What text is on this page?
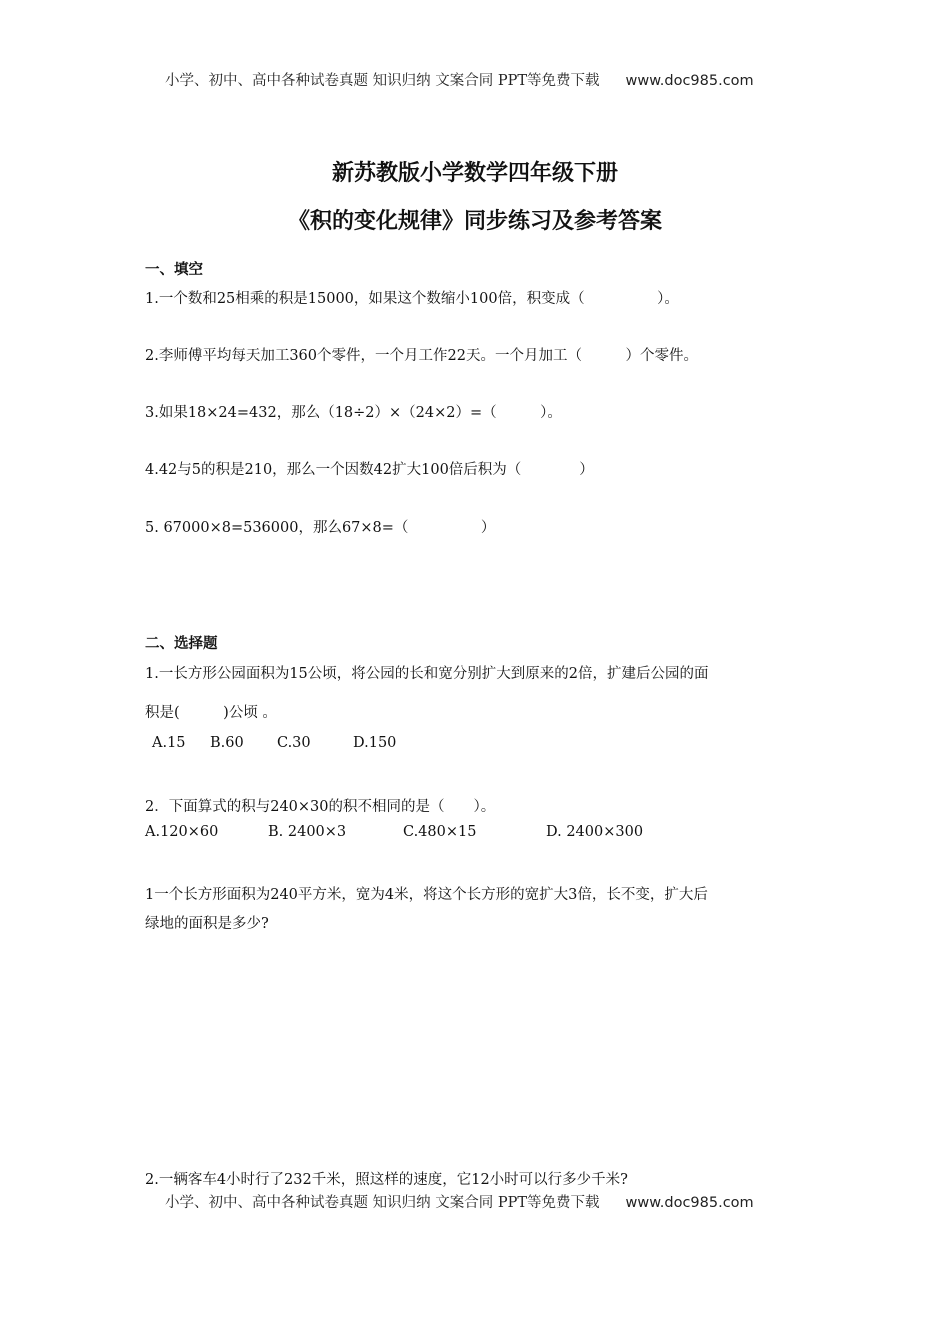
小学、初中、高中各种试卷真题 知识归纳 文案合同 PPT等免费下载 www.doc985.com
新苏教版小学数学四年级下册
《积的变化规律》同步练习及参考答案
一、填空
1.一个数和25相乘的积是15000，如果这个数缩小100倍，积变成（　　　　　）。
2.李师傅平均每天加工360个零件，一个月工作22天。一个月加工（　　　）个零件。
3.如果18×24=432，那么（18÷2）×（24×2）=（　　　）。
4.42与5的积是210，那么一个因数42扩大100倍后积为（　　　　）
5. 67000×8=536000，那么67×8=（　　　　　）
二、选择题
1.一长方形公园面积为15公顷，将公园的长和宽分别扩大到原来的2倍，扩建后公园的面
积是(　　　)公顷 。
A.15 B.60 C.30	D.150
2．下面算式的积与240×30的积不相同的是（　　）。
A.120×60	B. 2400×3	C.480×15	D. 2400×300
1一个长方形面积为240平方米，宽为4米，将这个长方形的宽扩大3倍，长不变，扩大后
绿地的面积是多少?
2.一辆客车4小时行了232千米，照这样的速度，它12小时可以行多少千米?
小学、初中、高中各种试卷真题 知识归纳 文案合同 PPT等免费下载 www.doc985.com
